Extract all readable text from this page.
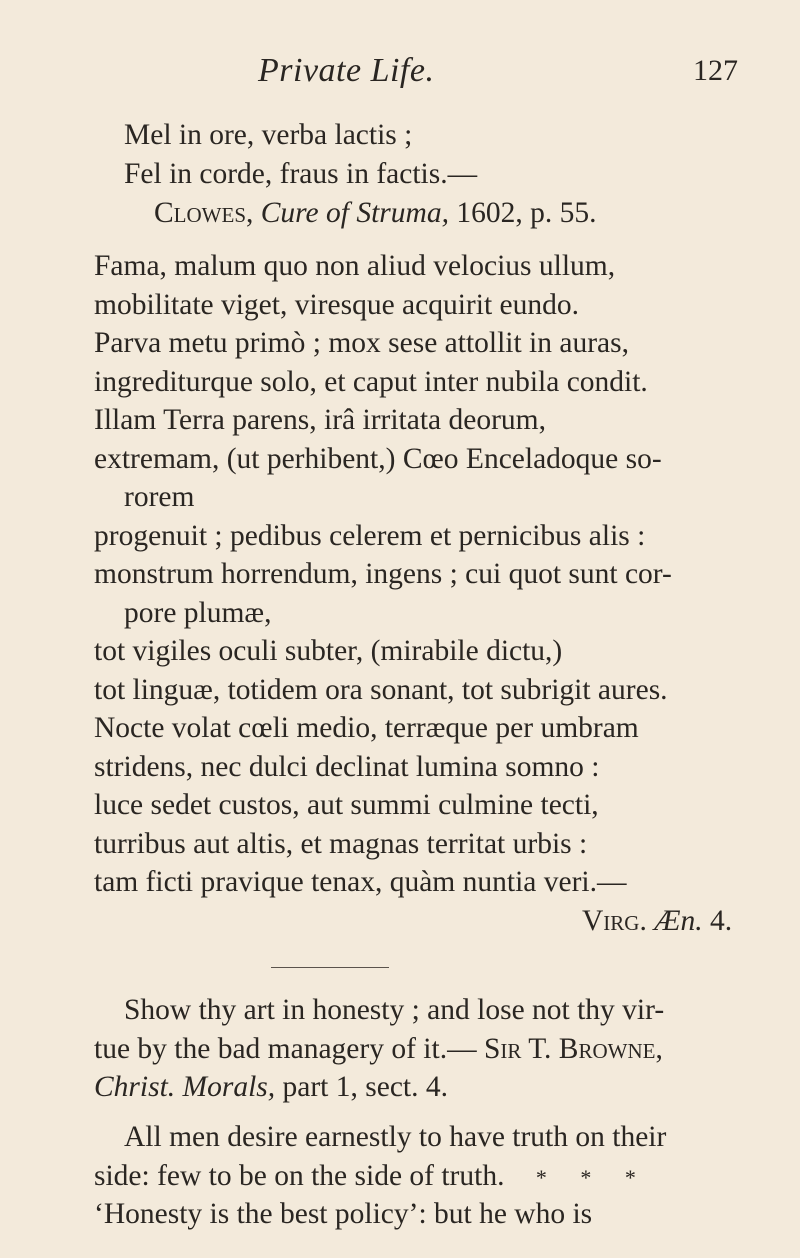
Private Life.	127
Mel in ore, verba lactis ;
Fel in corde, fraus in factis.—
Clowes, Cure of Struma, 1602, p. 55.
Fama, malum quo non aliud velocius ullum,
mobilitate viget, viresque acquirit eundo.
Parva metu primò ; mox sese attollit in auras,
ingrediturque solo, et caput inter nubila condit.
Illam Terra parens, irâ irritata deorum,
extremam, (ut perhibent,) Cœo Enceladoque so-
rorem
progenuit ; pedibus celerem et pernicibus alis :
monstrum horrendum, ingens ; cui quot sunt cor-
pore plumæ,
tot vigiles oculi subter, (mirabile dictu,)
tot linguæ, totidem ora sonant, tot subrigit aures.
Nocte volat cœli medio, terræque per umbram
stridens, nec dulci declinat lumina somno :
luce sedet custos, aut summi culmine tecti,
turribus aut altis, et magnas territat urbis :
tam ficti pravique tenax, quàm nuntia veri.—
Virg. Æn. 4.
Show thy art in honesty ; and lose not thy vir-
tue by the bad managery of it.— Sir T. Browne,
Christ. Morals, part 1, sect. 4.
All men desire earnestly to have truth on their
side: few to be on the side of truth. * * *
‘Honesty is the best policy’: but he who is
